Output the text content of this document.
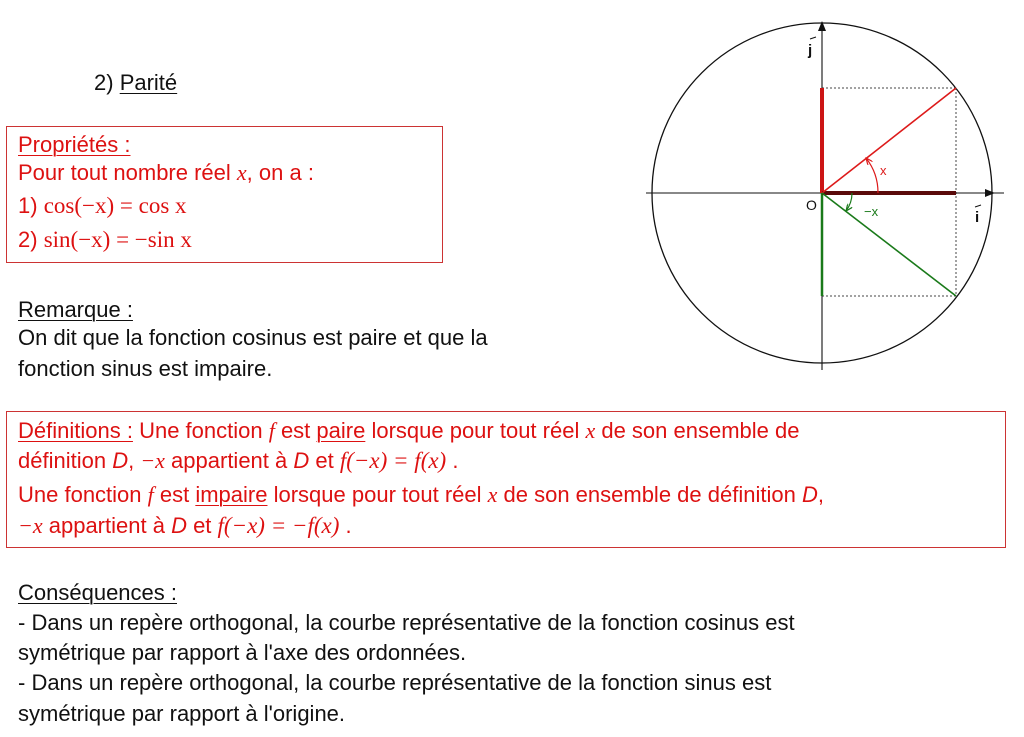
2) Parité
Propriétés :
Pour tout nombre réel x, on a :
1) cos(−x) = cos x
2) sin(−x) = −sin x
Remarque :
On dit que la fonction cosinus est paire et que la
fonction sinus est impaire.
Définitions : Une fonction f est paire lorsque pour tout réel x de son ensemble de
définition D, −x appartient à D et f(−x) = f(x) .
Une fonction f est impaire lorsque pour tout réel x de son ensemble de définition D,
−x appartient à D et f(−x) = −f(x) .
Conséquences :
- Dans un repère orthogonal, la courbe représentative de la fonction cosinus est
symétrique par rapport à l'axe des ordonnées.
- Dans un repère orthogonal, la courbe représentative de la fonction sinus est
symétrique par rapport à l'origine.
x
−x
O
i
j
